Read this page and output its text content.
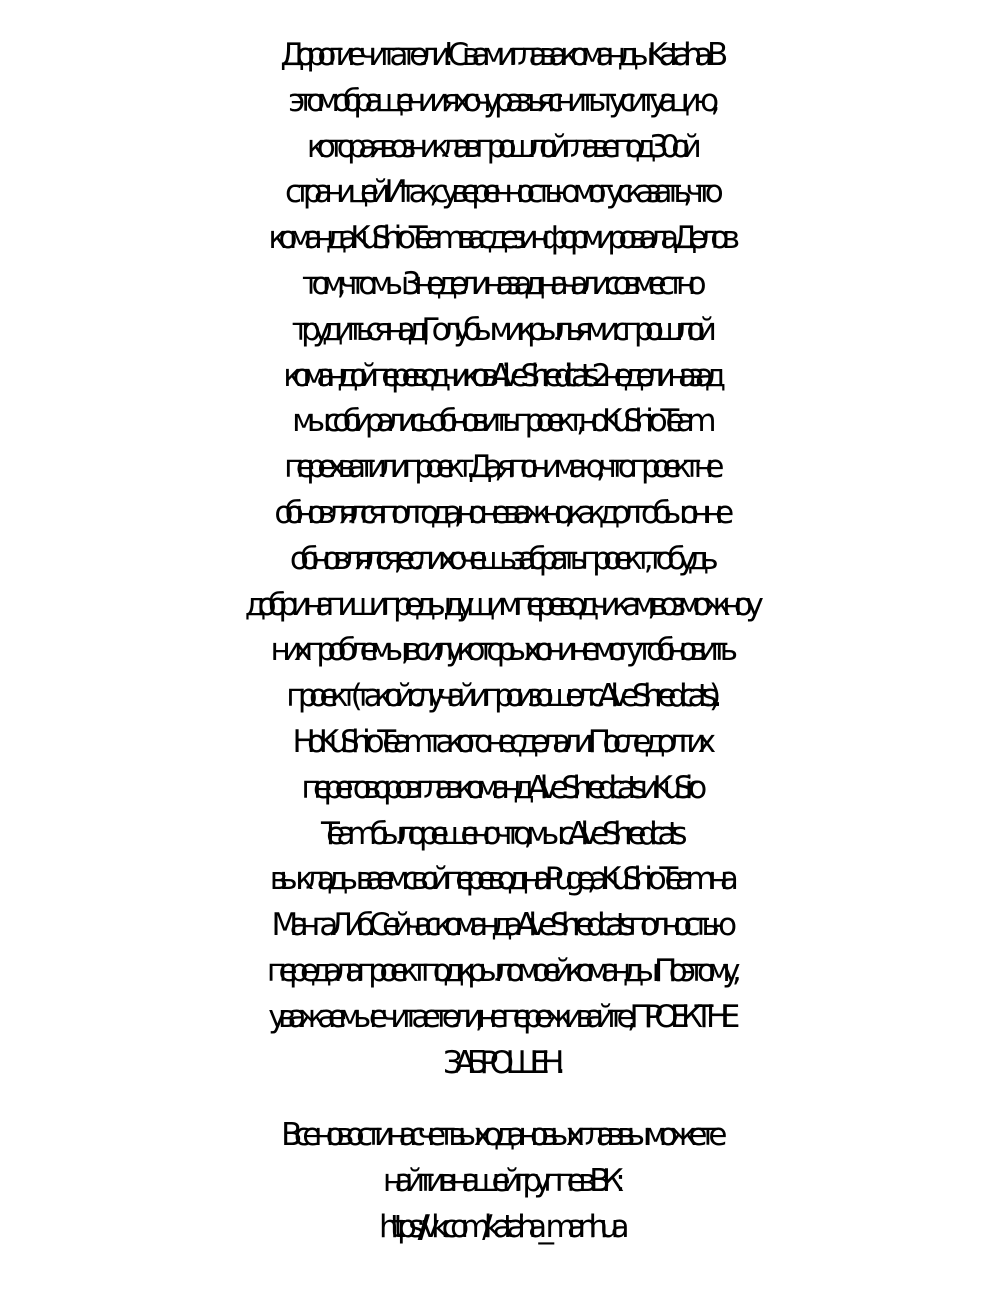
Дорогие читатели! С вами глава команды Katalina. В
этом обращении я хочу разъяснить ту ситуацию,
которая возникла в прошлой главе под 30ой
страницей. Итак, с уверенностью могу сказать, что
команда KuShiro Team вас дезинформировала. Дело в
том, что мы 3 недели назад начали совместно
трудиться над Голубыми крыльями с прошлой
командой переводчиков Alive Shredicats. 2 недели назад
мы собирались обновить проект, но KuShiro Team
перехватили проект. Да, я понимаю, что проект не
обновлялся полгода, но не важно, как долго бы он не
обновлялся, если хочешь забрать проект, то будь
добр и напиши предыдущим переводчикам, возможно у
них проблемы, в силу которых они не могут обновить
проект (такой случай и произошел с Alive Shredicats).
Но KuShiro Team такого не сделали. После долгих
переговоров глав команд Alive Shredicats и KuSiro
Team было решено что, мы с Alive Shredicats
выкладываем свой перевод на Puge, а KuShiro Team на
МангаЛиб. Сейчас команда Alive Shredicats полностью
передала проект под крыло моей команды. Поэтому,
уважаемые читаетели, не переживайте, ПРОЕКТ НЕ
ЗАБРОШЕН.
Все новости насчет выхода новых глав вы можете
найти в нашей группе в ВК:
https://vk.com/katalina_manhua
